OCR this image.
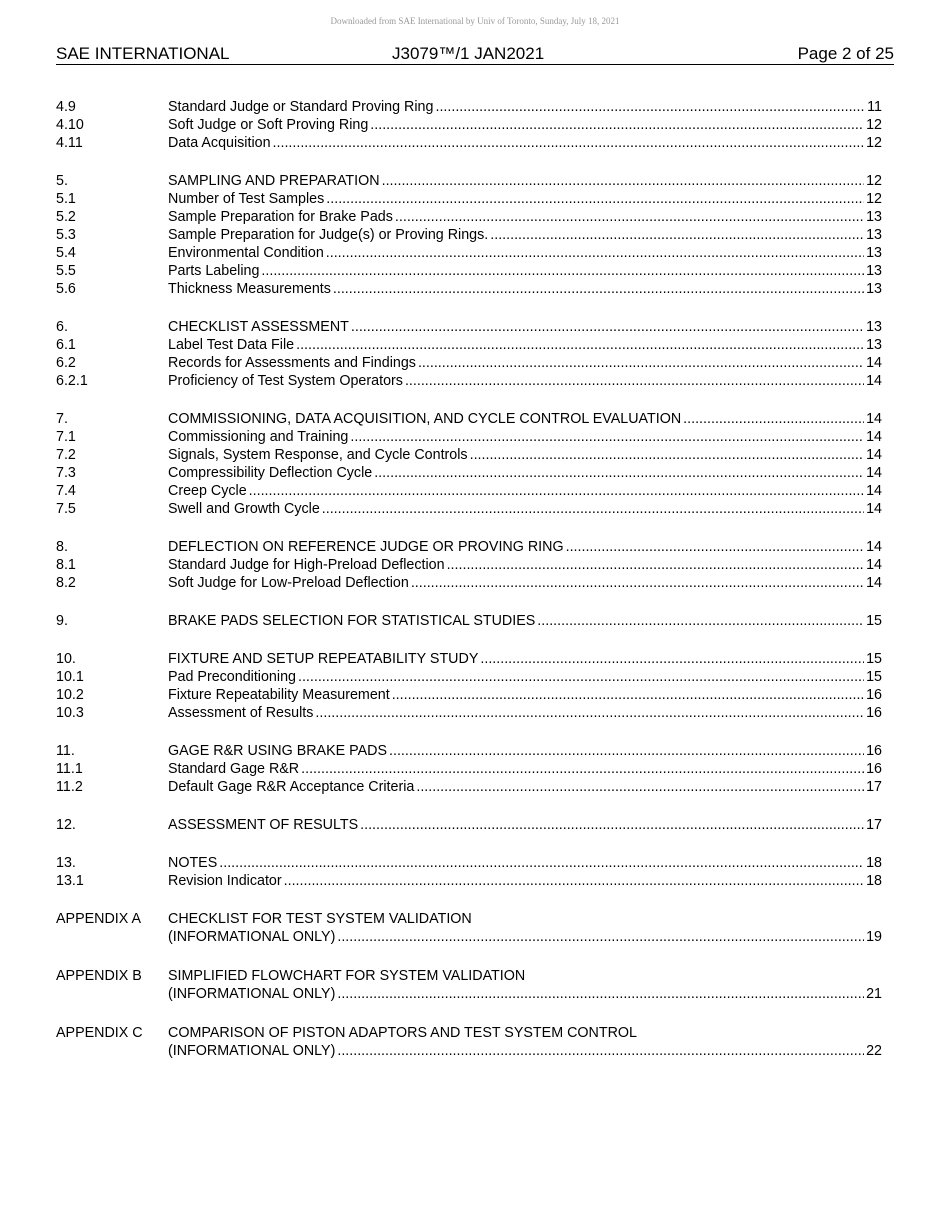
Downloaded from SAE International by Univ of Toronto, Sunday, July 18, 2021
SAE INTERNATIONAL	J3079™/1 JAN2021	Page 2 of 25
4.9	Standard Judge or Standard Proving Ring .....	11
4.10	Soft Judge or Soft Proving Ring .....	12
4.11	Data Acquisition .....	12
5.	SAMPLING AND PREPARATION .....	12
5.1	Number of Test Samples .....	12
5.2	Sample Preparation for Brake Pads .....	13
5.3	Sample Preparation for Judge(s) or Proving Rings. .....	13
5.4	Environmental Condition .....	13
5.5	Parts Labeling .....	13
5.6	Thickness Measurements .....	13
6.	CHECKLIST ASSESSMENT .....	13
6.1	Label Test Data File .....	13
6.2	Records for Assessments and Findings .....	14
6.2.1	Proficiency of Test System Operators .....	14
7.	COMMISSIONING, DATA ACQUISITION, AND CYCLE CONTROL EVALUATION .....	14
7.1	Commissioning and Training .....	14
7.2	Signals, System Response, and Cycle Controls .....	14
7.3	Compressibility Deflection Cycle .....	14
7.4	Creep Cycle .....	14
7.5	Swell and Growth Cycle .....	14
8.	DEFLECTION ON REFERENCE JUDGE OR PROVING RING .....	14
8.1	Standard Judge for High-Preload Deflection .....	14
8.2	Soft Judge for Low-Preload Deflection .....	14
9.	BRAKE PADS SELECTION FOR STATISTICAL STUDIES .....	15
10.	FIXTURE AND SETUP REPEATABILITY STUDY .....	15
10.1	Pad Preconditioning .....	15
10.2	Fixture Repeatability Measurement .....	16
10.3	Assessment of Results .....	16
11.	GAGE R&R USING BRAKE PADS .....	16
11.1	Standard Gage R&R .....	16
11.2	Default Gage R&R Acceptance Criteria .....	17
12.	ASSESSMENT OF RESULTS .....	17
13.	NOTES .....	18
13.1	Revision Indicator .....	18
APPENDIX A CHECKLIST FOR TEST SYSTEM VALIDATION
(INFORMATIONAL ONLY) .....	19
APPENDIX B SIMPLIFIED FLOWCHART FOR SYSTEM VALIDATION
(INFORMATIONAL ONLY) .....	21
APPENDIX C COMPARISON OF PISTON ADAPTORS AND TEST SYSTEM CONTROL
(INFORMATIONAL ONLY) .....	22
